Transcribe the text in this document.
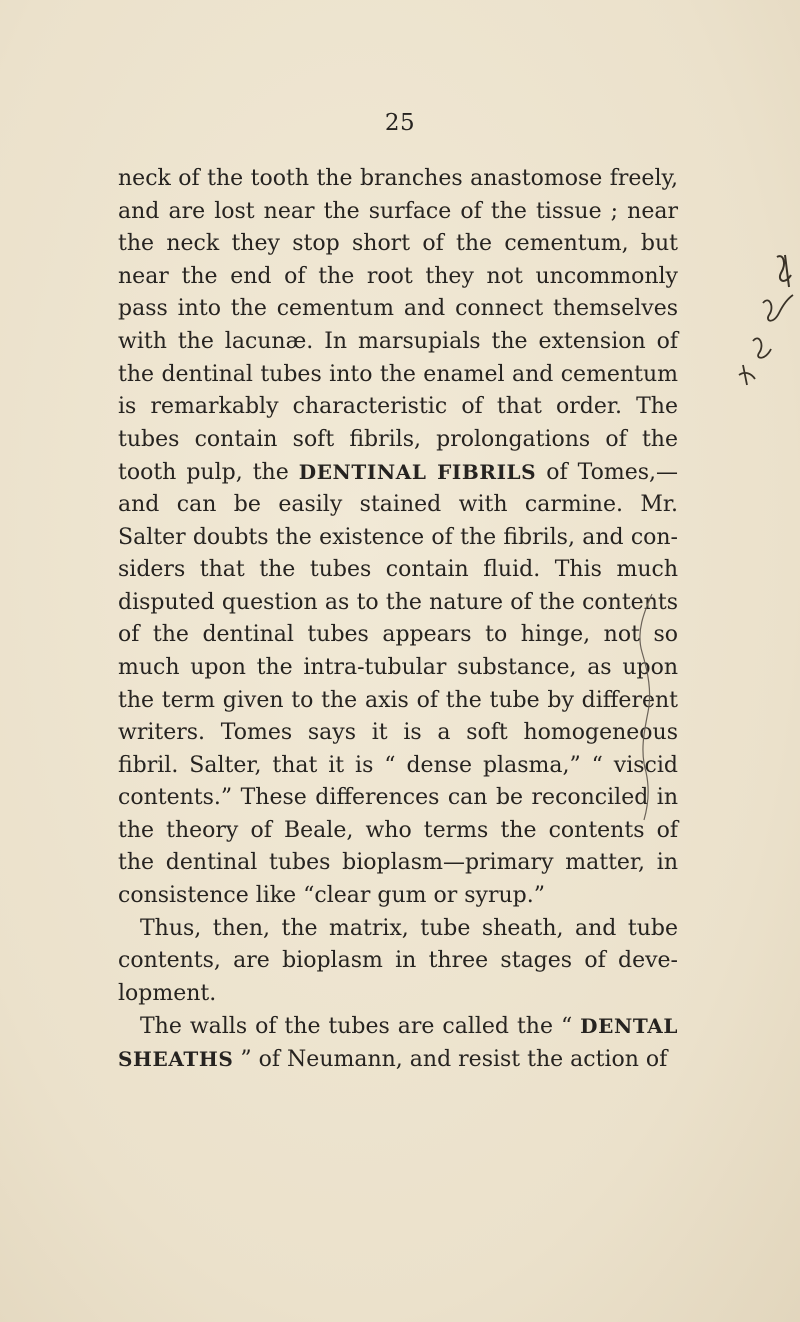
25
neck of the tooth the branches anastomose freely,
and are lost near the surface of the tissue ; near
the neck they stop short of the cementum, but
near the end of the root they not uncommonly
pass into the cementum and connect themselves
with the lacunæ. In marsupials the extension of
the dentinal tubes into the enamel and cementum
is remarkably characteristic of that order. The
tubes contain soft fibrils, prolongations of the
tooth pulp, the DENTINAL FIBRILS of Tomes,—
and can be easily stained with carmine. Mr.
Salter doubts the existence of the fibrils, and con-
siders that the tubes contain fluid. This much
disputed question as to the nature of the contents
of the dentinal tubes appears to hinge, not so
much upon the intra-tubular substance, as upon
the term given to the axis of the tube by different
writers. Tomes says it is a soft homogeneous
fibril. Salter, that it is “ dense plasma,” “ viscid
contents.” These differences can be reconciled in
the theory of Beale, who terms the contents of
the dentinal tubes bioplasm—primary matter, in
consistence like “clear gum or syrup.”
Thus, then, the matrix, tube sheath, and tube
contents, are bioplasm in three stages of deve-
lopment.
The walls of the tubes are called the “ DENTAL
SHEATHS ” of Neumann, and resist the action of
